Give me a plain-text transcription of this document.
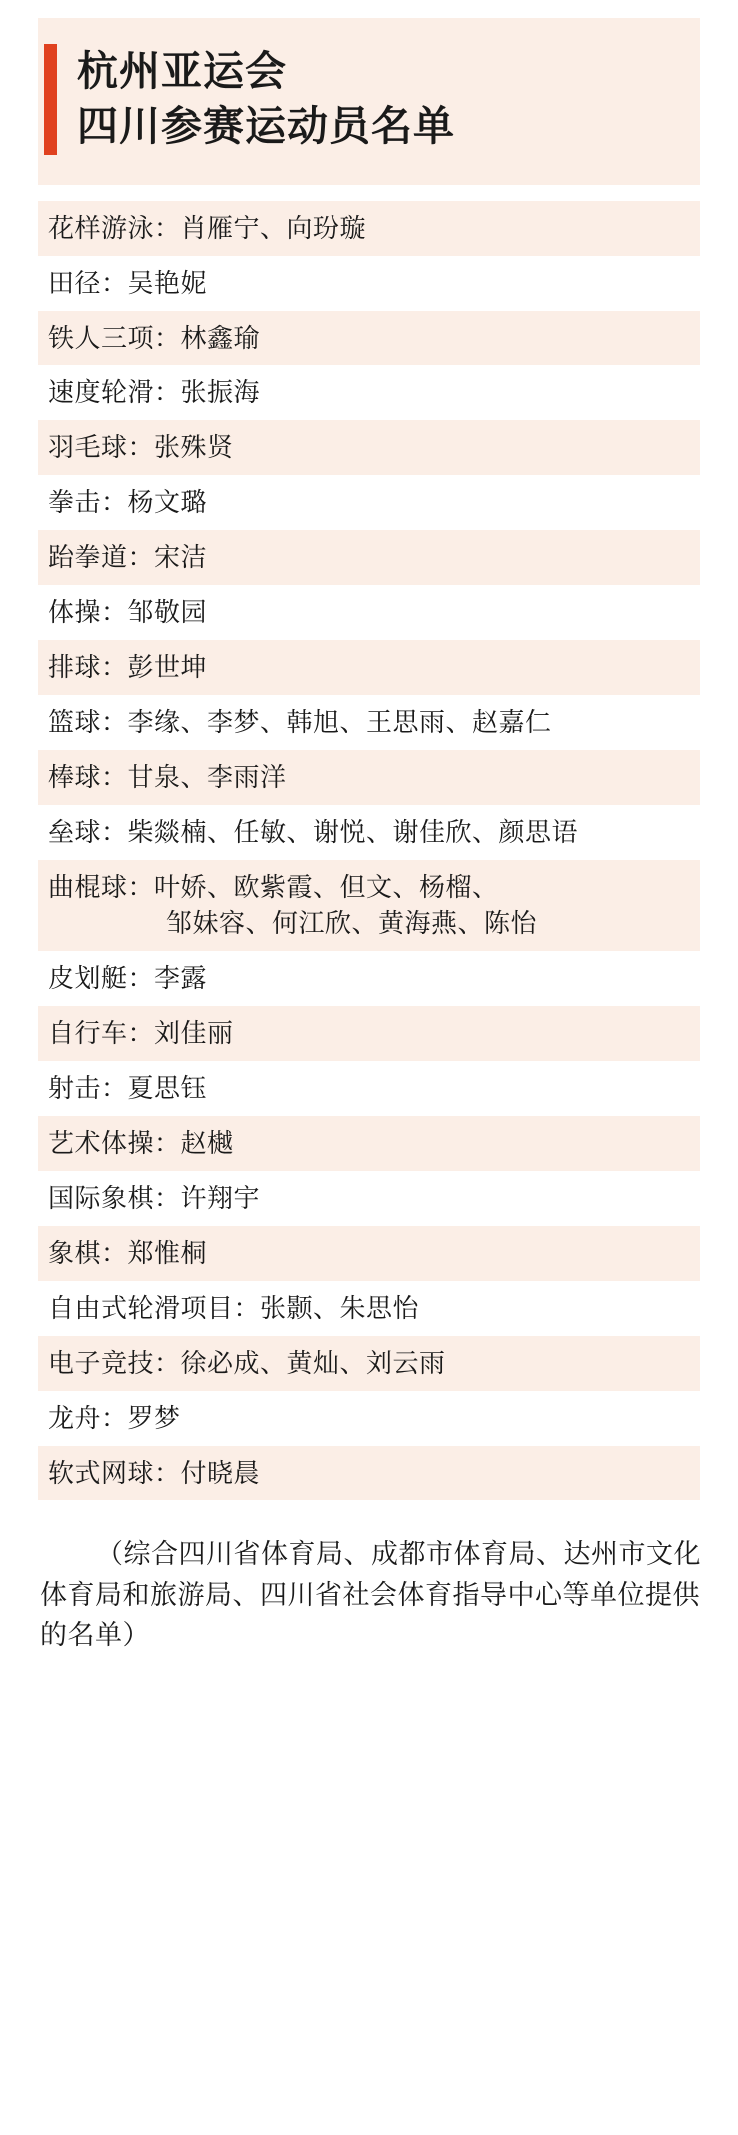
杭州亚运会
四川参赛运动员名单
花样游泳：肖雁宁、向玢璇
田径：吴艳妮
铁人三项：林鑫瑜
速度轮滑：张振海
羽毛球：张殊贤
拳击：杨文璐
跆拳道：宋洁
体操：邹敬园
排球：彭世坤
篮球：李缘、李梦、韩旭、王思雨、赵嘉仁
棒球：甘泉、李雨洋
垒球：柴燚楠、任敏、谢悦、谢佳欣、颜思语
曲棍球：叶娇、欧紫霞、但文、杨榴、
邹妹容、何江欣、黄海燕、陈怡
皮划艇：李露
自行车：刘佳丽
射击：夏思钰
艺术体操：赵樾
国际象棋：许翔宇
象棋：郑惟桐
自由式轮滑项目：张颢、朱思怡
电子竞技：徐必成、黄灿、刘云雨
龙舟：罗梦
软式网球：付晓晨
（综合四川省体育局、成都市体育局、达州市文化体育局和旅游局、四川省社会体育指导中心等单位提供的名单）
